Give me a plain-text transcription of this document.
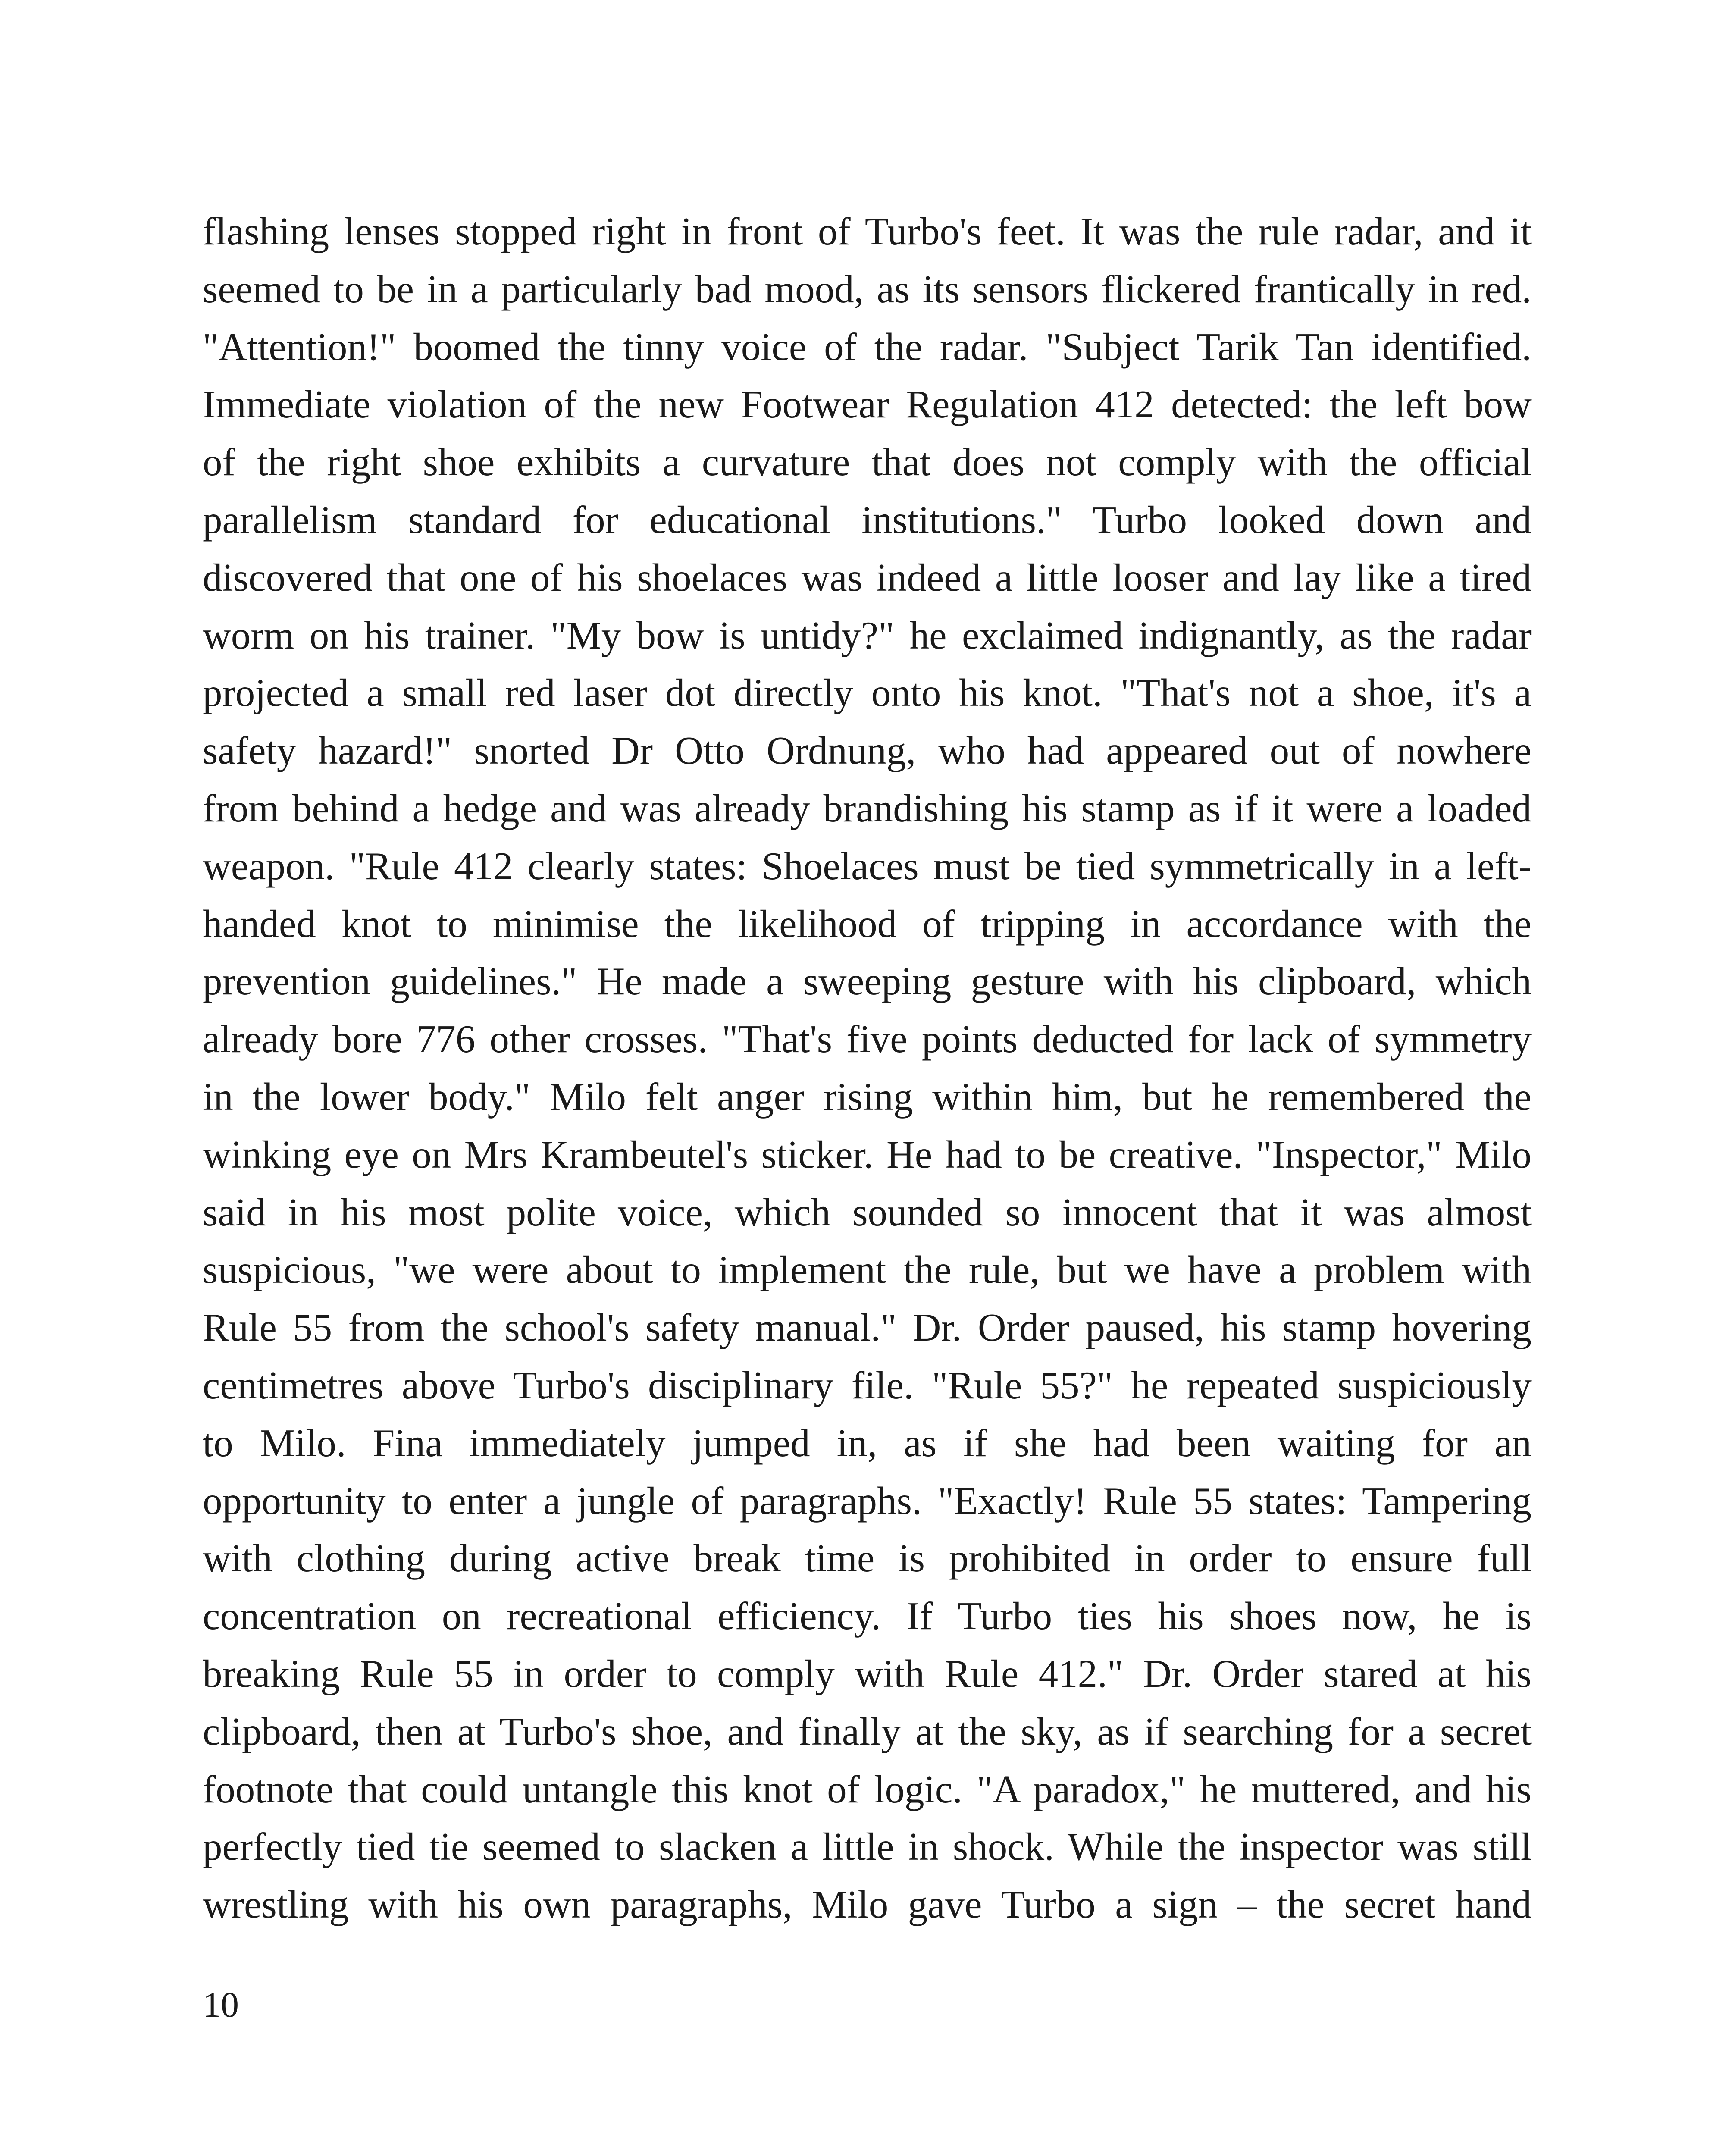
flashing lenses stopped right in front of Turbo's feet. It was the rule radar, and it
seemed to be in a particularly bad mood, as its sensors flickered frantically in red.
"Attention!" boomed the tinny voice of the radar. "Subject Tarik Tan identified.
Immediate violation of the new Footwear Regulation 412 detected: the left bow
of the right shoe exhibits a curvature that does not comply with the official
parallelism standard for educational institutions." Turbo looked down and
discovered that one of his shoelaces was indeed a little looser and lay like a tired
worm on his trainer. "My bow is untidy?" he exclaimed indignantly, as the radar
projected a small red laser dot directly onto his knot. "That's not a shoe, it's a
safety hazard!" snorted Dr Otto Ordnung, who had appeared out of nowhere
from behind a hedge and was already brandishing his stamp as if it were a loaded
weapon. "Rule 412 clearly states: Shoelaces must be tied symmetrically in a left-
handed knot to minimise the likelihood of tripping in accordance with the
prevention guidelines." He made a sweeping gesture with his clipboard, which
already bore 776 other crosses. "That's five points deducted for lack of symmetry
in the lower body." Milo felt anger rising within him, but he remembered the
winking eye on Mrs Krambeutel's sticker. He had to be creative. "Inspector," Milo
said in his most polite voice, which sounded so innocent that it was almost
suspicious, "we were about to implement the rule, but we have a problem with
Rule 55 from the school's safety manual." Dr. Order paused, his stamp hovering
centimetres above Turbo's disciplinary file. "Rule 55?" he repeated suspiciously
to Milo. Fina immediately jumped in, as if she had been waiting for an
opportunity to enter a jungle of paragraphs. "Exactly! Rule 55 states: Tampering
with clothing during active break time is prohibited in order to ensure full
concentration on recreational efficiency. If Turbo ties his shoes now, he is
breaking Rule 55 in order to comply with Rule 412." Dr. Order stared at his
clipboard, then at Turbo's shoe, and finally at the sky, as if searching for a secret
footnote that could untangle this knot of logic. "A paradox," he muttered, and his
perfectly tied tie seemed to slacken a little in shock. While the inspector was still
wrestling with his own paragraphs, Milo gave Turbo a sign – the secret hand
10
